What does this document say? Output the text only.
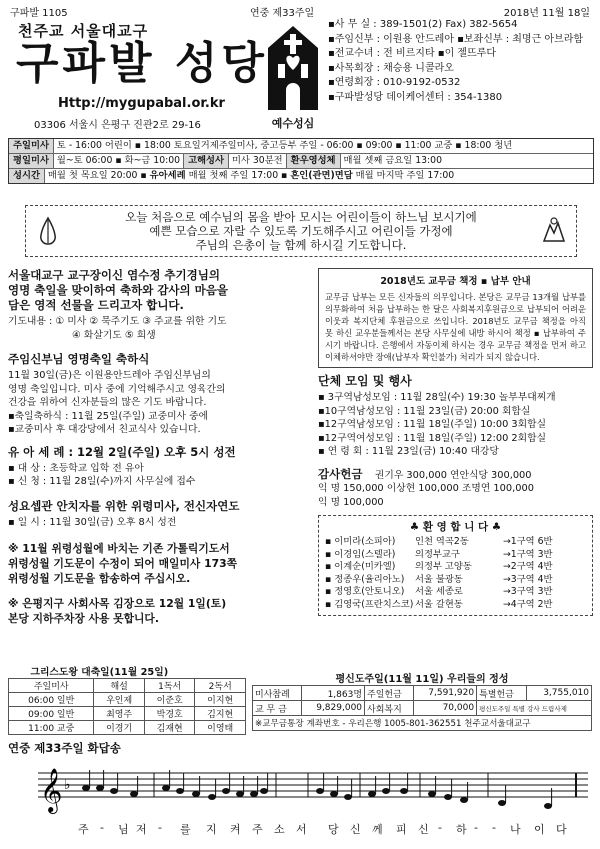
구파발 1105	연중 제33주일	2018년 11월 18일
천주교 서울대교구
구파발 성당
Http://mygupabal.or.kr
03306 서울시 은평구 진관2로 29-16	예수성심
▪사 무 실 : 389-1501(2) Fax) 382-5654
▪주임신부 : 이원용 안드레아 ▪보좌신부 : 최명근 아브라함
▪전교수녀 : 전 비르지타 ▪이 젤뜨루다
▪사목회장 : 채승용 니콜라오
▪연령회장 : 010-9192-0532
▪구파발성당 데이케어센터 : 354-1380
주일미사 토 - 16:00 어린이 ▪ 18:00 토요일거제주일미사, 중고등부 주일 - 06:00 ▪ 09:00 ▪ 11:00 교중 ▪ 18:00 청년
평일미사 월~토 06:00 ▪ 화~금 10:00 고해성사 미사 30분전 환우영성체 매월 셋째 금요일 13:00
성시간 매월 첫 목요일 20:00 ▪ 유아세례 매월 첫째 주일 17:00 ▪ 혼인(관면)면담 매월 마지막 주일 17:00
오늘 처음으로 예수님의 몸을 받아 모시는 어린이들이 하느님 보시기에
예쁜 모습으로 자랄 수 있도록 기도해주시고 어린이들 가정에
주님의 은총이 늘 함께 하시길 기도합니다.

서울대교구 교구장이신 염수정 추기경님의

영명 축일을 맞이하여 축하와 감사의 마음을

담은 영적 선물을 드리고자 합니다.

기도내용 : ① 미사 ② 묵주기도 ③ 주교를 위한 기도

④ 화살기도 ⑤ 희생

주임신부님 영명축일 축하식

11월 30일(금)은 이원용안드레아 주임신부님의

영명 축일입니다. 미사 중에 기억해주시고 영육간의

건강을 위하여 신자분들의 많은 기도 바랍니다.

▪축일축하식 : 11월 25일(주일) 교중미사 중에

▪교중미사 후 대강당에서 친교식사 있습니다.

유 아 세 례 : 12월 2일(주일) 오후 5시 성전

▪ 대 상 : 초등학교 입학 전 유아

▪ 신 청 : 11월 28일(수)까지 사무실에 접수

성요셉관 안치자를 위한 위령미사, 전신자연도

▪ 일 시 : 11월 30일(금) 오후 8시 성전

※ 11월 위령성월에 바치는 기존 가톨릭기도서

위령성월 기도문이 수정이 되어 매일미사 173쪽

위령성월 기도문을 함송하여 주십시오.

※ 은평지구 사회사목 김장으로 12월 1일(토)

본당 지하주차장 사용 못합니다.

2018년도 교무금 책정 ▪ 납부 안내
교무금 납부는 모든 신자들의 의무입니다. 본당은 교무금 13개월 납부를 의무화하여 처음 납부하는 한 달은 사회복지후원금으로 납부되어 어려운 이웃과 복지단체 후원금으로 쓰입니다. 2018년도 교무금 책정을 아직 못 하신 교우분들께서는 본당 사무실에 내방 하시어 책정 ▪ 납부하여 주시기 바랍니다. 은행에서 자동이체 하시는 경우 교무금 책정을 먼저 하고 이체하셔야만 장애(납부자 확인불가) 처리가 되지 않습니다.
단체 모임 및 행사
▪ 3구역남성모임 : 11월 28일(수) 19:30 놀부부대찌개
▪10구역남성모임 : 11월 23일(금) 20:00 회합실
▪12구역남성모임 : 11월 18일(주일) 10:00 3회합실
▪12구역여성모임 : 11월 18일(주일) 12:00 2회합실
▪ 연 령 회 : 11월 23일(금) 10:40 대강당
감사헌금 권기우 300,000 연안식당 300,000
익 명 150,000 이상현 100,000 조명연 100,000
익 명 100,000
♣ 환 영 합 니 다 ♣
▪ 이미라(소피아)	인천 역곡2동	→1구역 6반
▪ 이경임(스텔라)	의정부교구	→1구역 3반
▪ 이계순(미카엘)	의정부 고양동	→2구역 4반
▪ 정종우(율리아노)	서울 불광동	→3구역 4반
▪ 정영호(안토니오)	서울 세종로	→3구역 3반
▪ 김영국(프란치스코) 서울 갈현동	→4구역 2반
그리스도왕 대축일(11월 25일)			
주일미사	해설	1독서	2독서
06:00 일반	우인제	이준호	이지현
09:00 일반	최영주	박경호	김지현
11:00 교중	이경기	김재현	이영태
평신도주일(11월 11일) 우리들의 정성					
미사참례	1,863명	주일헌금	7,591,920	특별헌금	3,755,010
교 무 금	9,829,000	사회복지	70,000	평신도주일 특별 강사 드림사제	
※교무금통장 계좌번호 - 우리은행 1005-801-362551 천주교서울대교구					
연중 제33주일 화답송
𝄞 ♭
주 - 님 저 - 를 지 켜 주 소 서 당 신 께 피 신 - 하 - - 나 이 다
